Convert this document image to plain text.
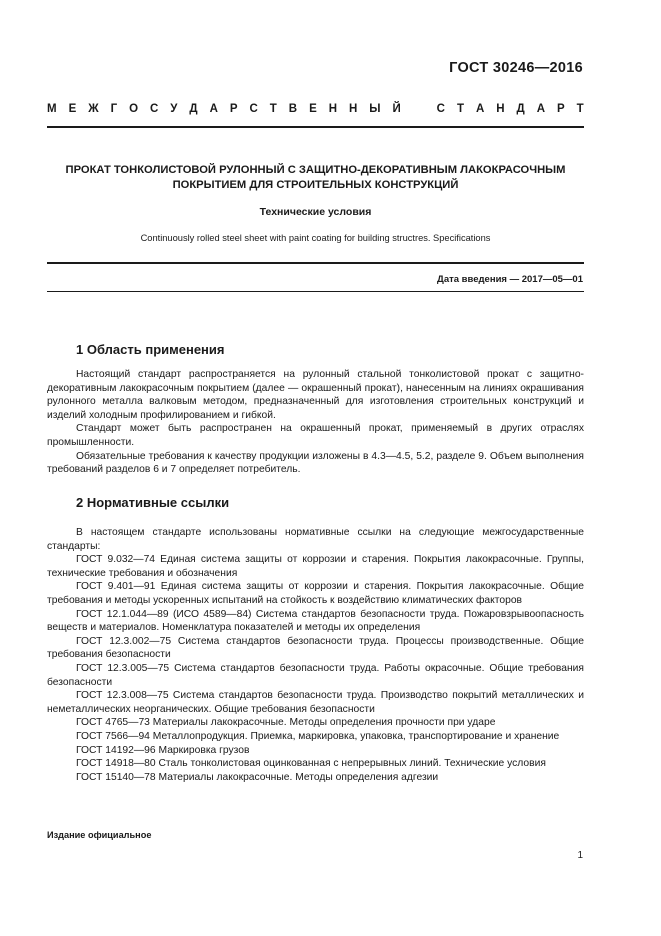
ГОСТ 30246—2016
М Е Ж Г О С У Д А Р С Т В Е Н Н Ы Й	С Т А Н Д А Р Т
ПРОКАТ ТОНКОЛИСТОВОЙ РУЛОННЫЙ С ЗАЩИТНО-ДЕКОРАТИВНЫМ ЛАКОКРАСОЧНЫМ
ПОКРЫТИЕМ ДЛЯ СТРОИТЕЛЬНЫХ КОНСТРУКЦИЙ
Технические условия
Continuously rolled steel sheet with paint coating for building structres. Specifications
Дата введения — 2017—05—01
1 Область применения

Настоящий стандарт распространяется на рулонный стальной тонколистовой прокат с защитно-декоративным лакокрасочным покрытием (далее — окрашенный прокат), нанесенным на линиях окрашивания рулонного металла валковым методом, предназначенный для изготовления строительных конструкций и изделий холодным профилированием и гибкой.

Стандарт может быть распространен на окрашенный прокат, применяемый в других отраслях промышленности.

Обязательные требования к качеству продукции изложены в 4.3—4.5, 5.2, разделе 9. Объем выполнения требований разделов 6 и 7 определяет потребитель.

2 Нормативные ссылки

В настоящем стандарте использованы нормативные ссылки на следующие межгосударственные стандарты:

ГОСТ 9.032—74 Единая система защиты от коррозии и старения. Покрытия лакокрасочные. Группы, технические требования и обозначения

ГОСТ 9.401—91 Единая система защиты от коррозии и старения. Покрытия лакокрасочные. Общие требования и методы ускоренных испытаний на стойкость к воздействию климатических факторов

ГОСТ 12.1.044—89 (ИСО 4589—84) Система стандартов безопасности труда. Пожаровзрывоопасность веществ и материалов. Номенклатура показателей и методы их определения

ГОСТ 12.3.002—75 Система стандартов безопасности труда. Процессы производственные. Общие требования безопасности

ГОСТ 12.3.005—75 Система стандартов безопасности труда. Работы окрасочные. Общие требования безопасности

ГОСТ 12.3.008—75 Система стандартов безопасности труда. Производство покрытий металлических и неметаллических неорганических. Общие требования безопасности

ГОСТ 4765—73 Материалы лакокрасочные. Методы определения прочности при ударе

ГОСТ 7566—94 Металлопродукция. Приемка, маркировка, упаковка, транспортирование и хранение

ГОСТ 14192—96 Маркировка грузов

ГОСТ 14918—80 Сталь тонколистовая оцинкованная с непрерывных линий. Технические условия

ГОСТ 15140—78 Материалы лакокрасочные. Методы определения адгезии

Издание официальное
1
